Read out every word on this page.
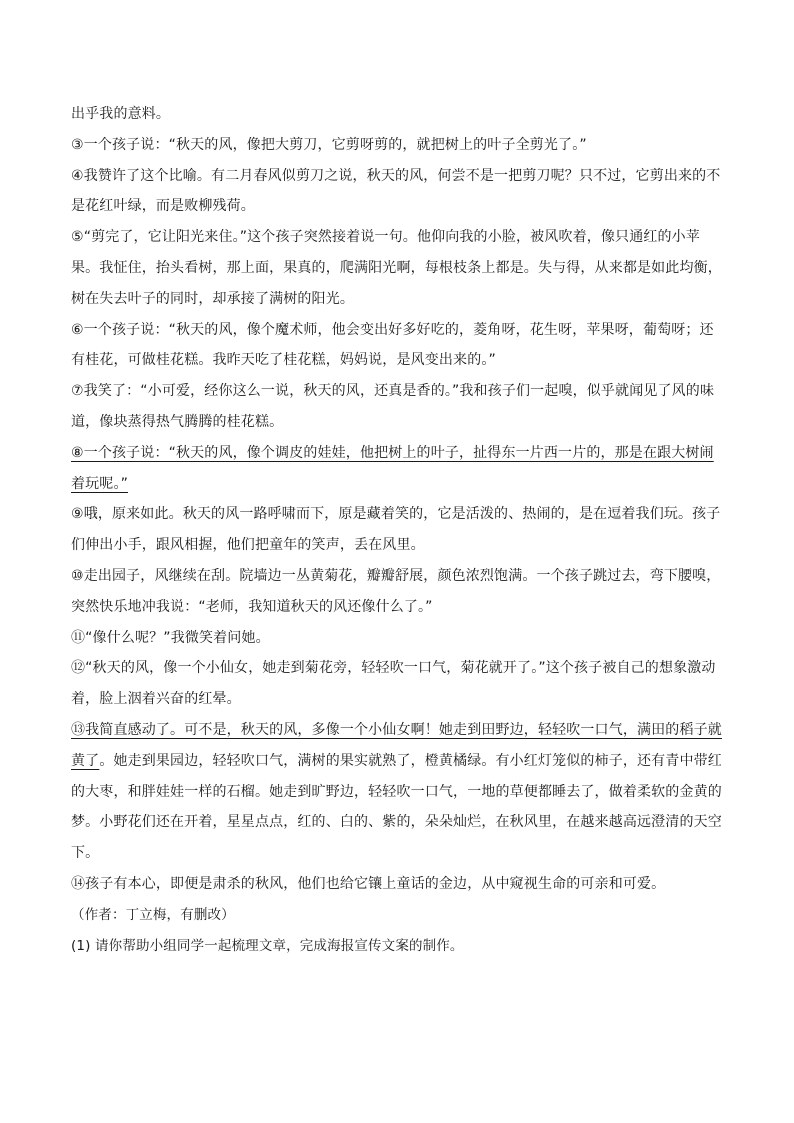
出乎我的意料。

③一个孩子说：“秋天的风，像把大剪刀，它剪呀剪的，就把树上的叶子全剪光了。”

④我赞许了这个比喻。有二月春风似剪刀之说，秋天的风，何尝不是一把剪刀呢？只不过，它剪出来的不是花红叶绿，而是败柳残荷。

⑤“剪完了，它让阳光来住。”这个孩子突然接着说一句。他仰向我的小脸，被风吹着，像只通红的小苹果。我怔住，抬头看树，那上面，果真的，爬满阳光啊，每根枝条上都是。失与得，从来都是如此均衡，树在失去叶子的同时，却承接了满树的阳光。

⑥一个孩子说：“秋天的风，像个魔术师，他会变出好多好吃的，菱角呀，花生呀，苹果呀，葡萄呀；还有桂花，可做桂花糕。我昨天吃了桂花糕，妈妈说，是风变出来的。”

⑦我笑了：“小可爱，经你这么一说，秋天的风，还真是香的。”我和孩子们一起嗅，似乎就闻见了风的味道，像块蒸得热气腾腾的桂花糕。

⑧一个孩子说：“秋天的风，像个调皮的娃娃，他把树上的叶子，扯得东一片西一片的，那是在跟大树闹着玩呢。”

⑨哦，原来如此。秋天的风一路呼啸而下，原是藏着笑的，它是活泼的、热闹的，是在逗着我们玩。孩子们伸出小手，跟风相握，他们把童年的笑声，丢在风里。

⑩走出园子，风继续在刮。院墙边一丛黄菊花，瓣瓣舒展，颜色浓烈饱满。一个孩子跳过去，弯下腰嗅，突然快乐地冲我说：“老师，我知道秋天的风还像什么了。”

⑪“像什么呢？”我微笑着问她。

⑫“秋天的风，像一个小仙女，她走到菊花旁，轻轻吹一口气，菊花就开了。”这个孩子被自己的想象激动着，脸上洇着兴奋的红晕。

⑬我简直感动了。可不是，秋天的风，多像一个小仙女啊！她走到田野边，轻轻吹一口气，满田的稻子就黄了。她走到果园边，轻轻吹口气，满树的果实就熟了，橙黄橘绿。有小红灯笼似的柿子，还有青中带红的大枣，和胖娃娃一样的石榴。她走到旷野边，轻轻吹一口气，一地的草便都睡去了，做着柔软的金黄的梦。小野花们还在开着，星星点点，红的、白的、紫的，朵朵灿烂，在秋风里，在越来越高远澄清的天空下。

⑭孩子有本心，即便是肃杀的秋风，他们也给它镶上童话的金边，从中窥视生命的可亲和可爱。

（作者：丁立梅，有删改）

(1) 请你帮助小组同学一起梳理文章，完成海报宣传文案的制作。
